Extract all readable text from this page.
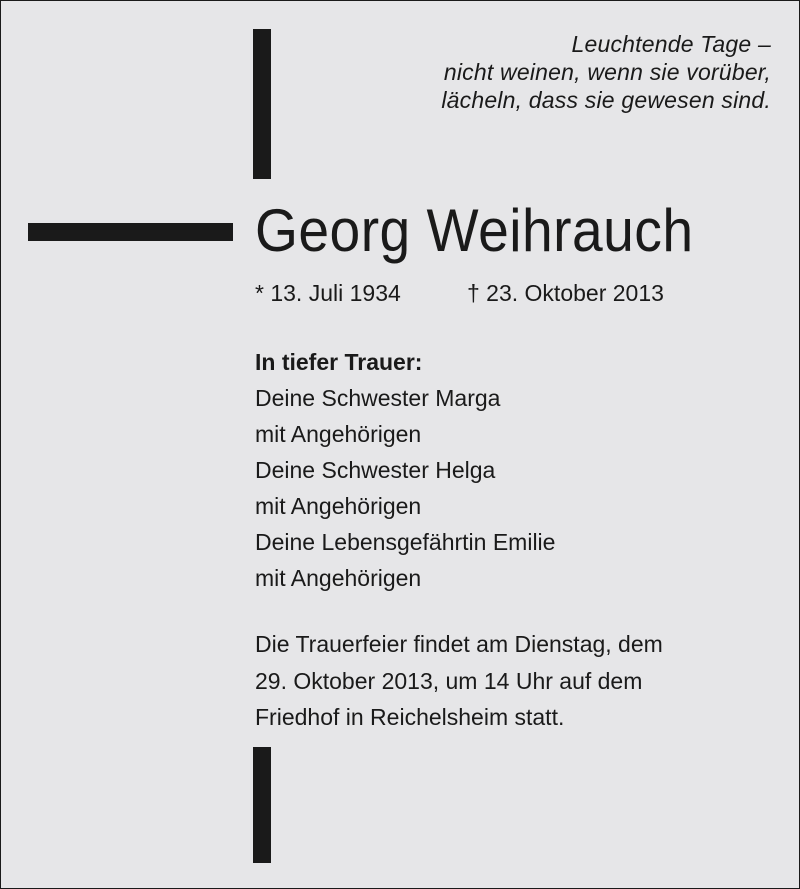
Leuchtende Tage –
nicht weinen, wenn sie vorüber,
lächeln, dass sie gewesen sind.
Georg Weihrauch
* 13. Juli 1934	† 23. Oktober 2013
In tiefer Trauer:
Deine Schwester Marga
mit Angehörigen
Deine Schwester Helga
mit Angehörigen
Deine Lebensgefährtin Emilie
mit Angehörigen
Die Trauerfeier findet am Dienstag, dem
29. Oktober 2013, um 14 Uhr auf dem
Friedhof in Reichelsheim statt.
